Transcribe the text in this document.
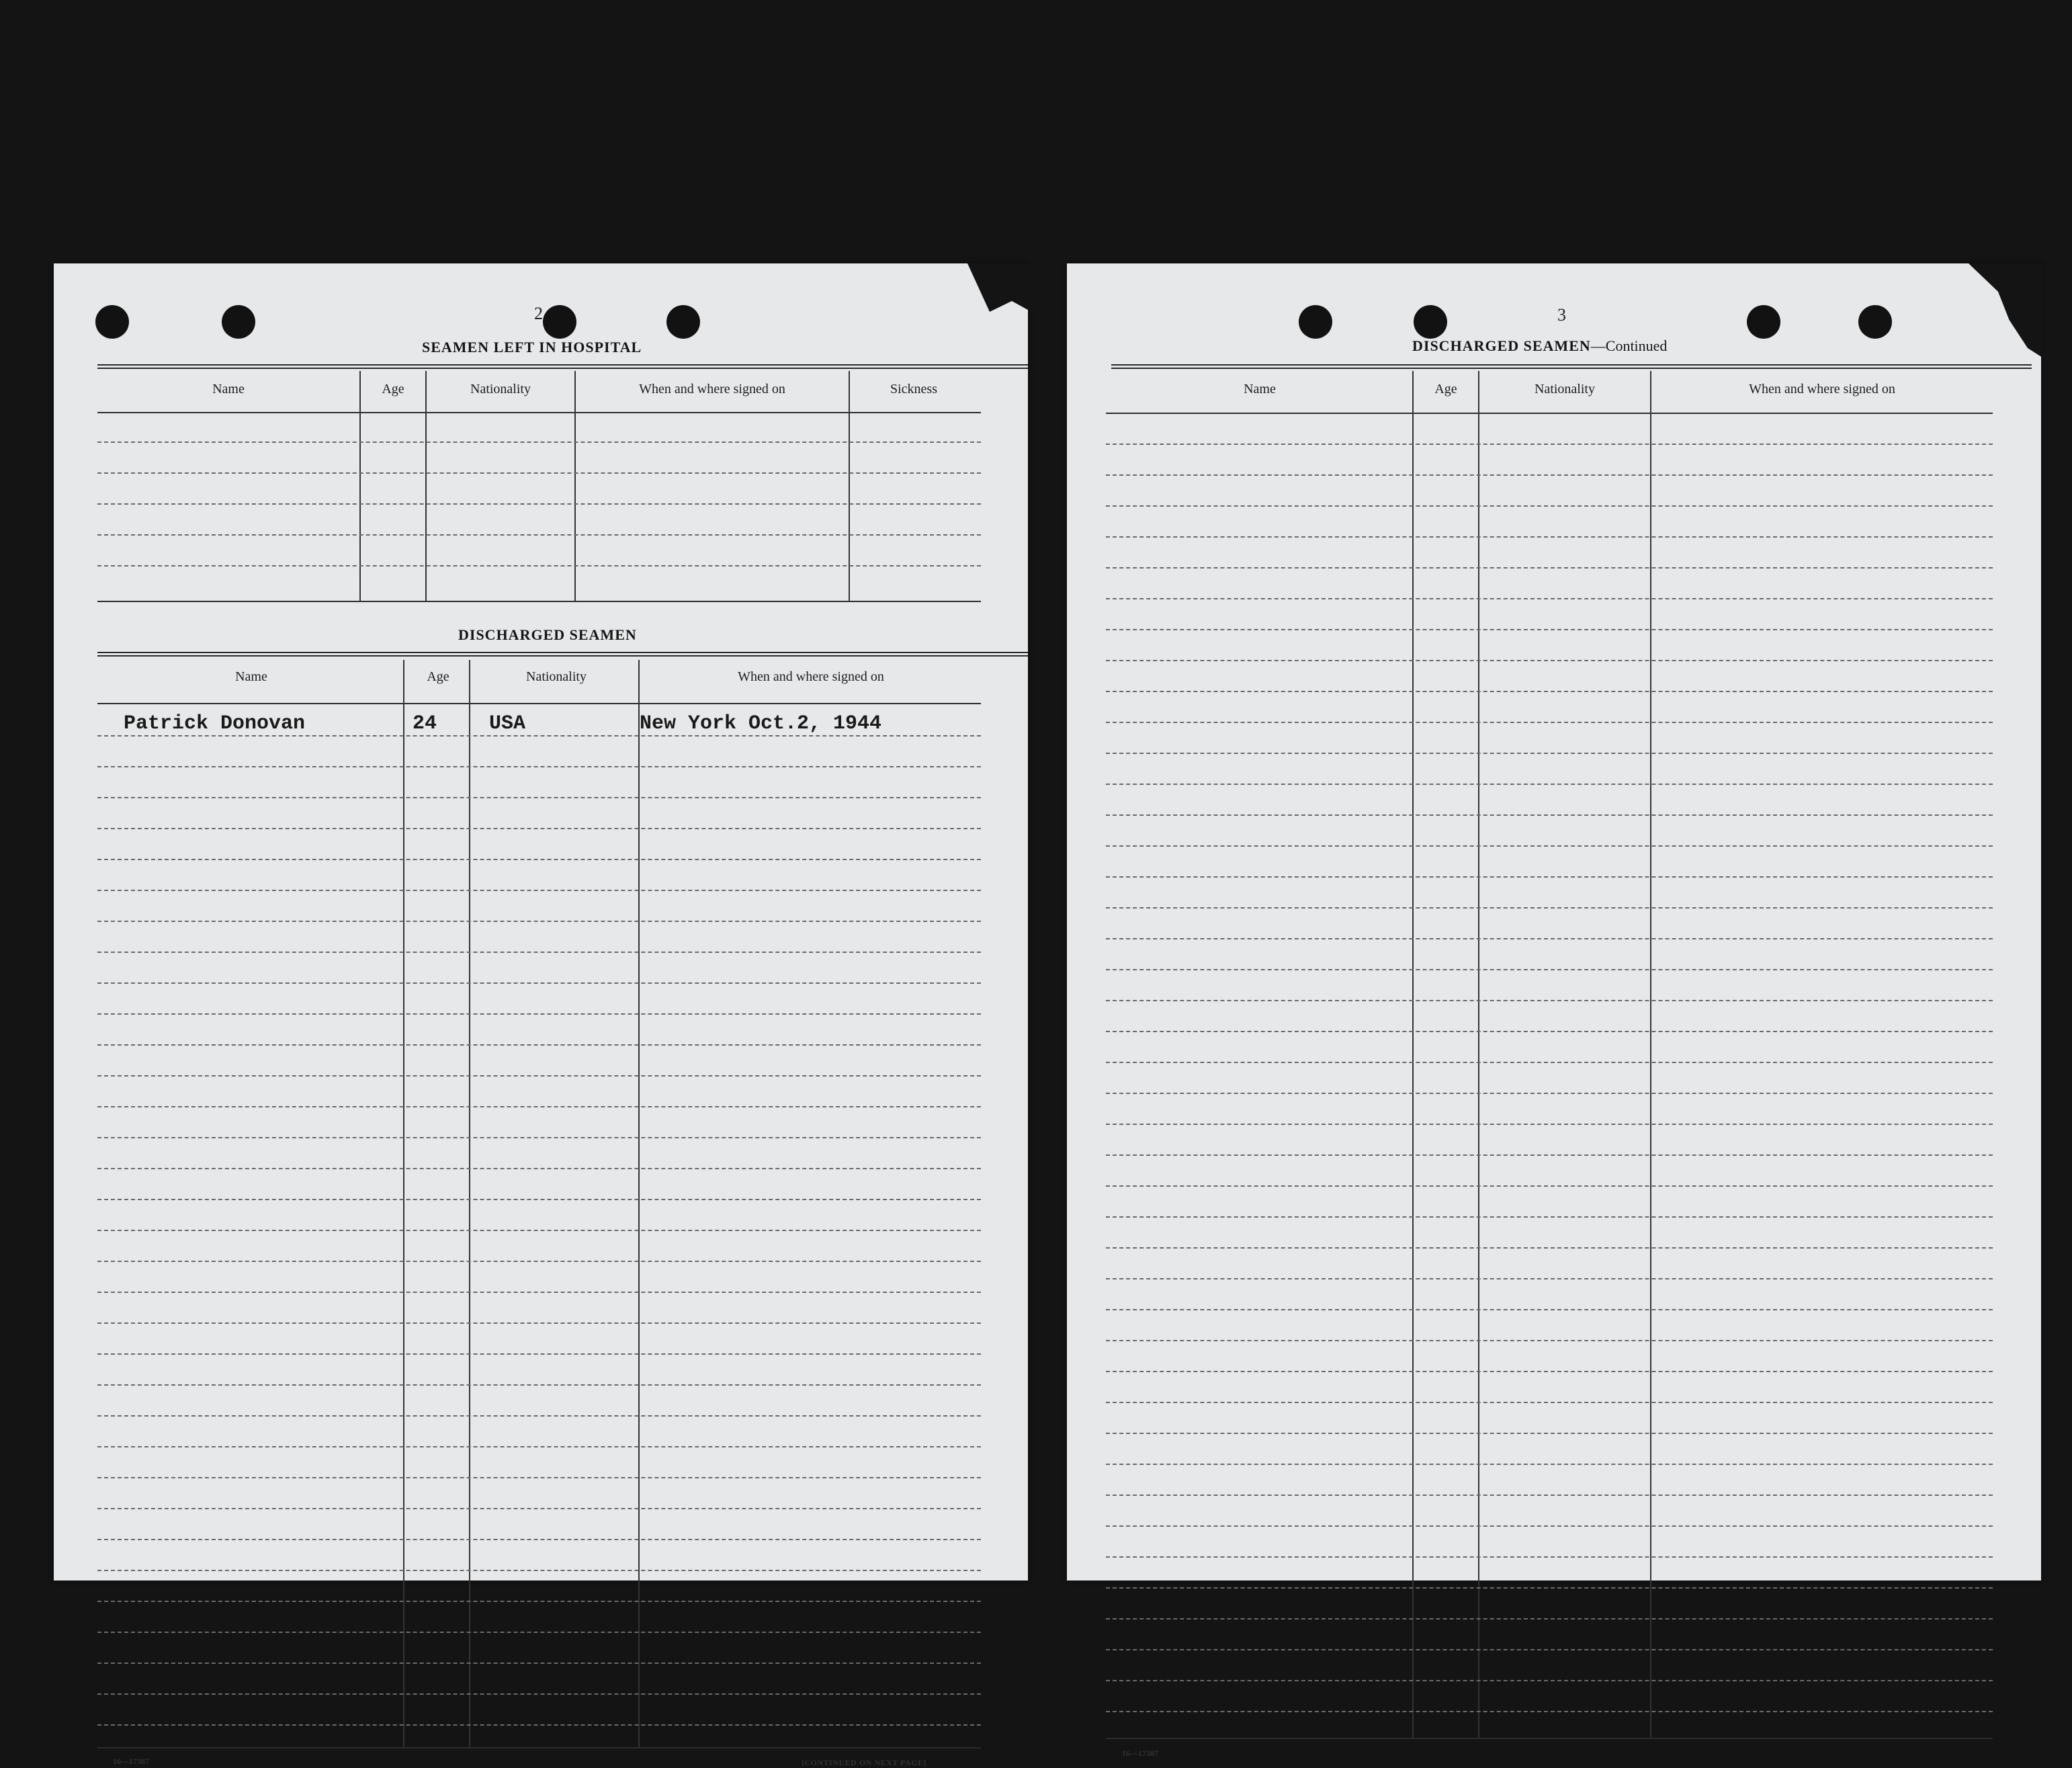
2
SEAMEN LEFT IN HOSPITAL
Name	Age	Nationality	When and where signed on	Sickness
DISCHARGED SEAMEN
Name	Age	Nationality	When and where signed on
Patrick Donovan	24	USA	New York Oct.2, 1944
16—17387	[CONTINUED ON NEXT PAGE]
3
DISCHARGED SEAMEN—Continued
Name	Age	Nationality	When and where signed on
16—17387
